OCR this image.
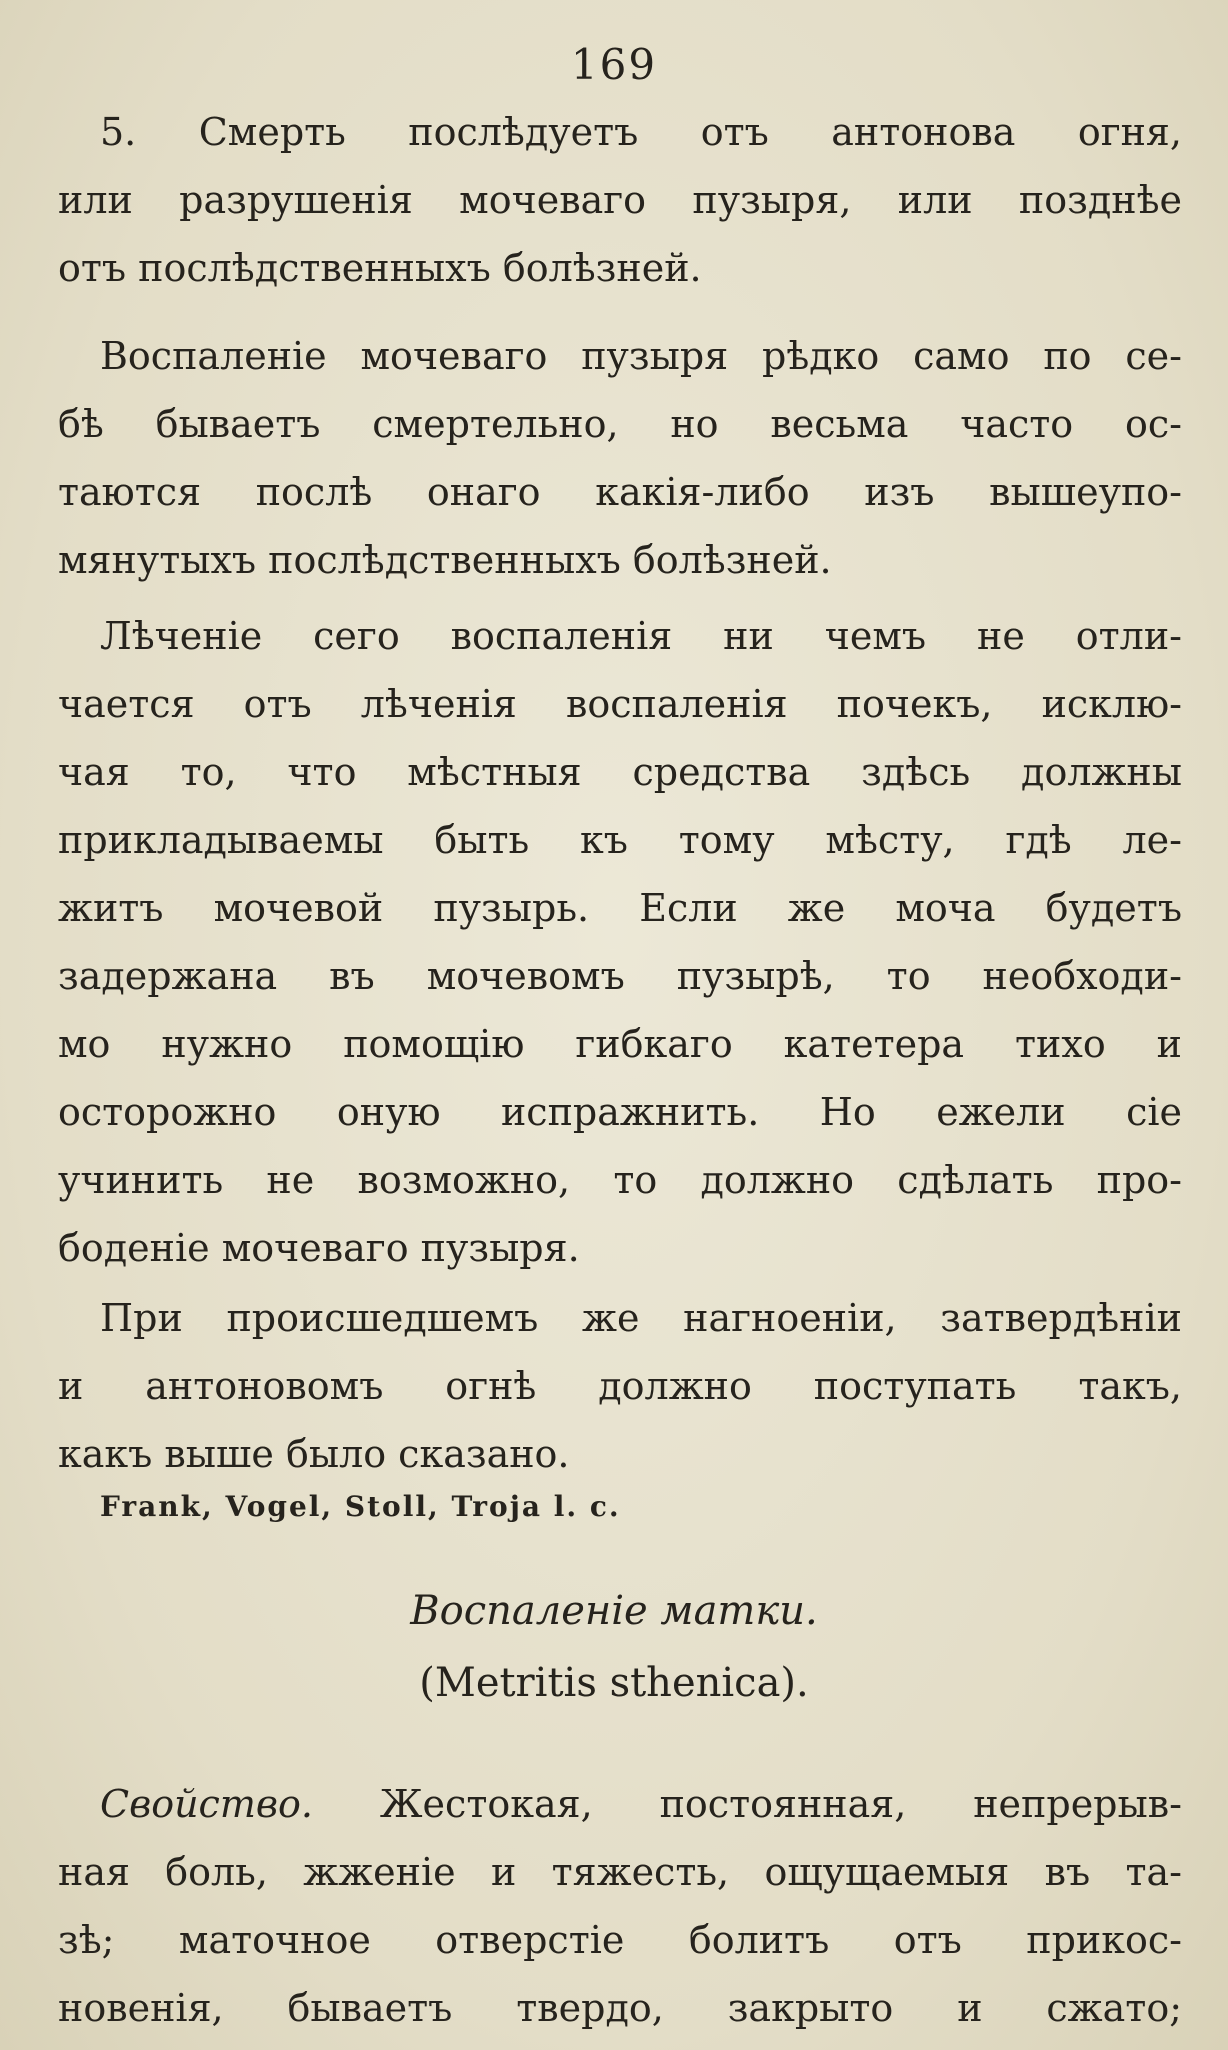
169
5. Смерть послѣдуетъ отъ антонова огня,
или разрушенія мочеваго пузыря, или позднѣе
отъ послѣдственныхъ болѣзней.
Воспаленіе мочеваго пузыря рѣдко само по се-
бѣ бываетъ смертельно, но весьма часто ос-
таются послѣ онаго какія-либо изъ вышеупо-
мянутыхъ послѣдственныхъ болѣзней.
Лѣченіе сего воспаленія ни чемъ не отли-
чается отъ лѣченія воспаленія почекъ, исклю-
чая то, что мѣстныя средства здѣсь должны
прикладываемы быть къ тому мѣсту, гдѣ ле-
житъ мочевой пузырь. Если же моча будетъ
задержана въ мочевомъ пузырѣ, то необходи-
мо нужно помощію гибкаго катетера тихо и
осторожно оную испражнить. Но ежели сіе
учинить не возможно, то должно сдѣлать про-
боденіе мочеваго пузыря.
При происшедшемъ же нагноеніи, затвердѣніи
и антоновомъ огнѣ должно поступать такъ,
какъ выше было сказано.
Frank, Vogel, Stoll, Troja l. c.
Воспаленіе матки.
(Metritis sthenica).
Свойство. Жестокая, постоянная, непрерыв-
ная боль, жженіе и тяжесть, ощущаемыя въ та-
зѣ; маточное отверстіе болитъ отъ прикос-
новенія, бываетъ твердо, закрыто и сжато;
